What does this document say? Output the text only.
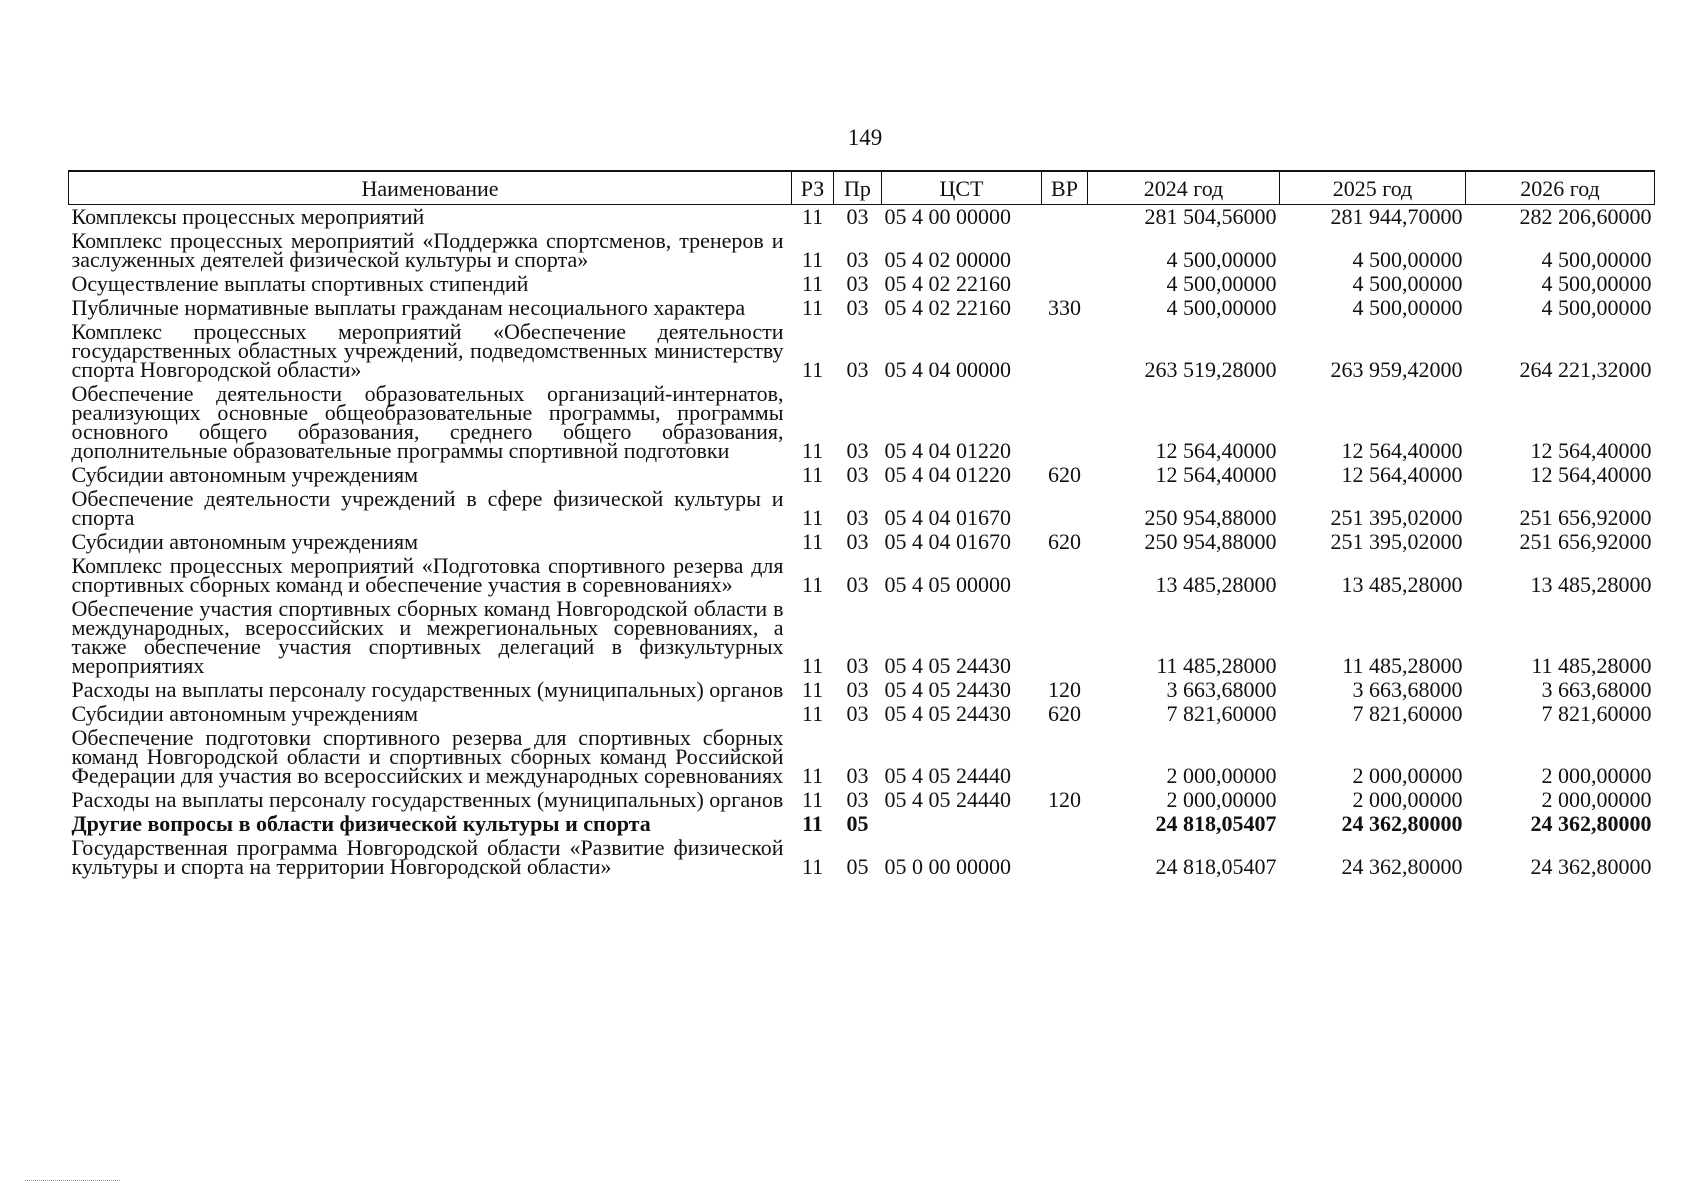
149
Наименование	РЗ	Пр	ЦСТ	ВР	2024 год	2025 год	2026 год
Комплексы процессных мероприятий	11	03	05 4 00 00000		281 504,56000	281 944,70000	282 206,60000
Комплекс процессных мероприятий «Поддержка спортсменов, тренеров и заслуженных деятелей физической культуры и спорта»	11	03	05 4 02 00000		4 500,00000	4 500,00000	4 500,00000
Осуществление выплаты спортивных стипендий	11	03	05 4 02 22160		4 500,00000	4 500,00000	4 500,00000
Публичные нормативные выплаты гражданам несоциального характера	11	03	05 4 02 22160	330	4 500,00000	4 500,00000	4 500,00000
Комплекс процессных мероприятий «Обеспечение деятельности государственных областных учреждений, подведомственных министерству спорта Новгородской области»	11	03	05 4 04 00000		263 519,28000	263 959,42000	264 221,32000
Обеспечение деятельности образовательных организаций-интернатов, реализующих основные общеобразовательные программы, программы основного общего образования, среднего общего образования, дополнительные образовательные программы спортивной подготовки	11	03	05 4 04 01220		12 564,40000	12 564,40000	12 564,40000
Субсидии автономным учреждениям	11	03	05 4 04 01220	620	12 564,40000	12 564,40000	12 564,40000
Обеспечение деятельности учреждений в сфере физической культуры и спорта	11	03	05 4 04 01670		250 954,88000	251 395,02000	251 656,92000
Субсидии автономным учреждениям	11	03	05 4 04 01670	620	250 954,88000	251 395,02000	251 656,92000
Комплекс процессных мероприятий «Подготовка спортивного резерва для спортивных сборных команд и обеспечение участия в соревнованиях»	11	03	05 4 05 00000		13 485,28000	13 485,28000	13 485,28000
Обеспечение участия спортивных сборных команд Новгородской области в международных, всероссийских и межрегиональных соревнованиях, а также обеспечение участия спортивных делегаций в физкультурных мероприятиях	11	03	05 4 05 24430		11 485,28000	11 485,28000	11 485,28000
Расходы на выплаты персоналу государственных (муниципальных) органов	11	03	05 4 05 24430	120	3 663,68000	3 663,68000	3 663,68000
Субсидии автономным учреждениям	11	03	05 4 05 24430	620	7 821,60000	7 821,60000	7 821,60000
Обеспечение подготовки спортивного резерва для спортивных сборных команд Новгородской области и спортивных сборных команд Российской Федерации для участия во всероссийских и международных соревнованиях	11	03	05 4 05 24440		2 000,00000	2 000,00000	2 000,00000
Расходы на выплаты персоналу государственных (муниципальных) органов	11	03	05 4 05 24440	120	2 000,00000	2 000,00000	2 000,00000
Другие вопросы в области физической культуры и спорта	11	05			24 818,05407	24 362,80000	24 362,80000
Государственная программа Новгородской области «Развитие физической культуры и спорта на территории Новгородской области»	11	05	05 0 00 00000		24 818,05407	24 362,80000	24 362,80000
